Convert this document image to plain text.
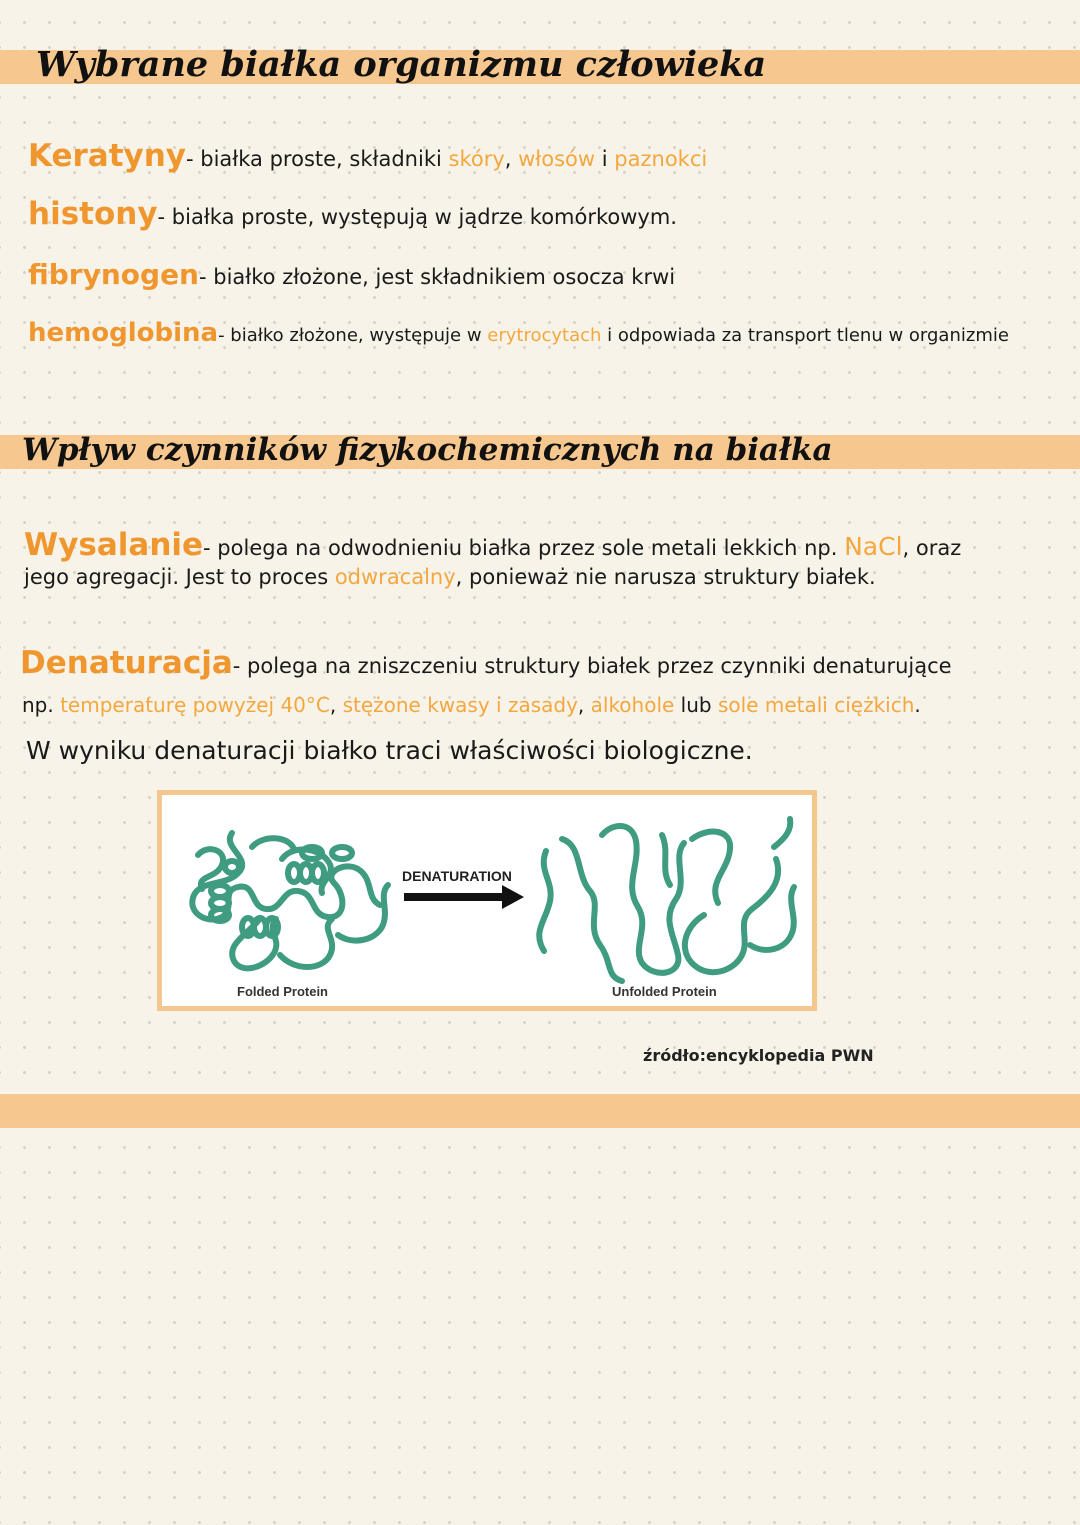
Wybrane białka organizmu człowieka
Keratyny- białka proste, składniki skóry, włosów i paznokci
histony- białka proste, występują w jądrze komórkowym.
fibrynogen- białko złożone, jest składnikiem osocza krwi
hemoglobina- białko złożone, występuje w erytrocytach i odpowiada za transport tlenu w organizmie
Wpływ czynników fizykochemicznych na białka
Wysalanie- polega na odwodnieniu białka przez sole metali lekkich np. NaCl, oraz
jego agregacji. Jest to proces odwracalny, ponieważ nie narusza struktury białek.
Denaturacja- polega na zniszczeniu struktury białek przez czynniki denaturujące
np. temperaturę powyżej 40°C, stężone kwasy i zasady, alkohole lub sole metali ciężkich.
W wyniku denaturacji białko traci właściwości biologiczne.
DENATURATION
Folded Protein	Unfolded Protein
źródło:encyklopedia PWN
